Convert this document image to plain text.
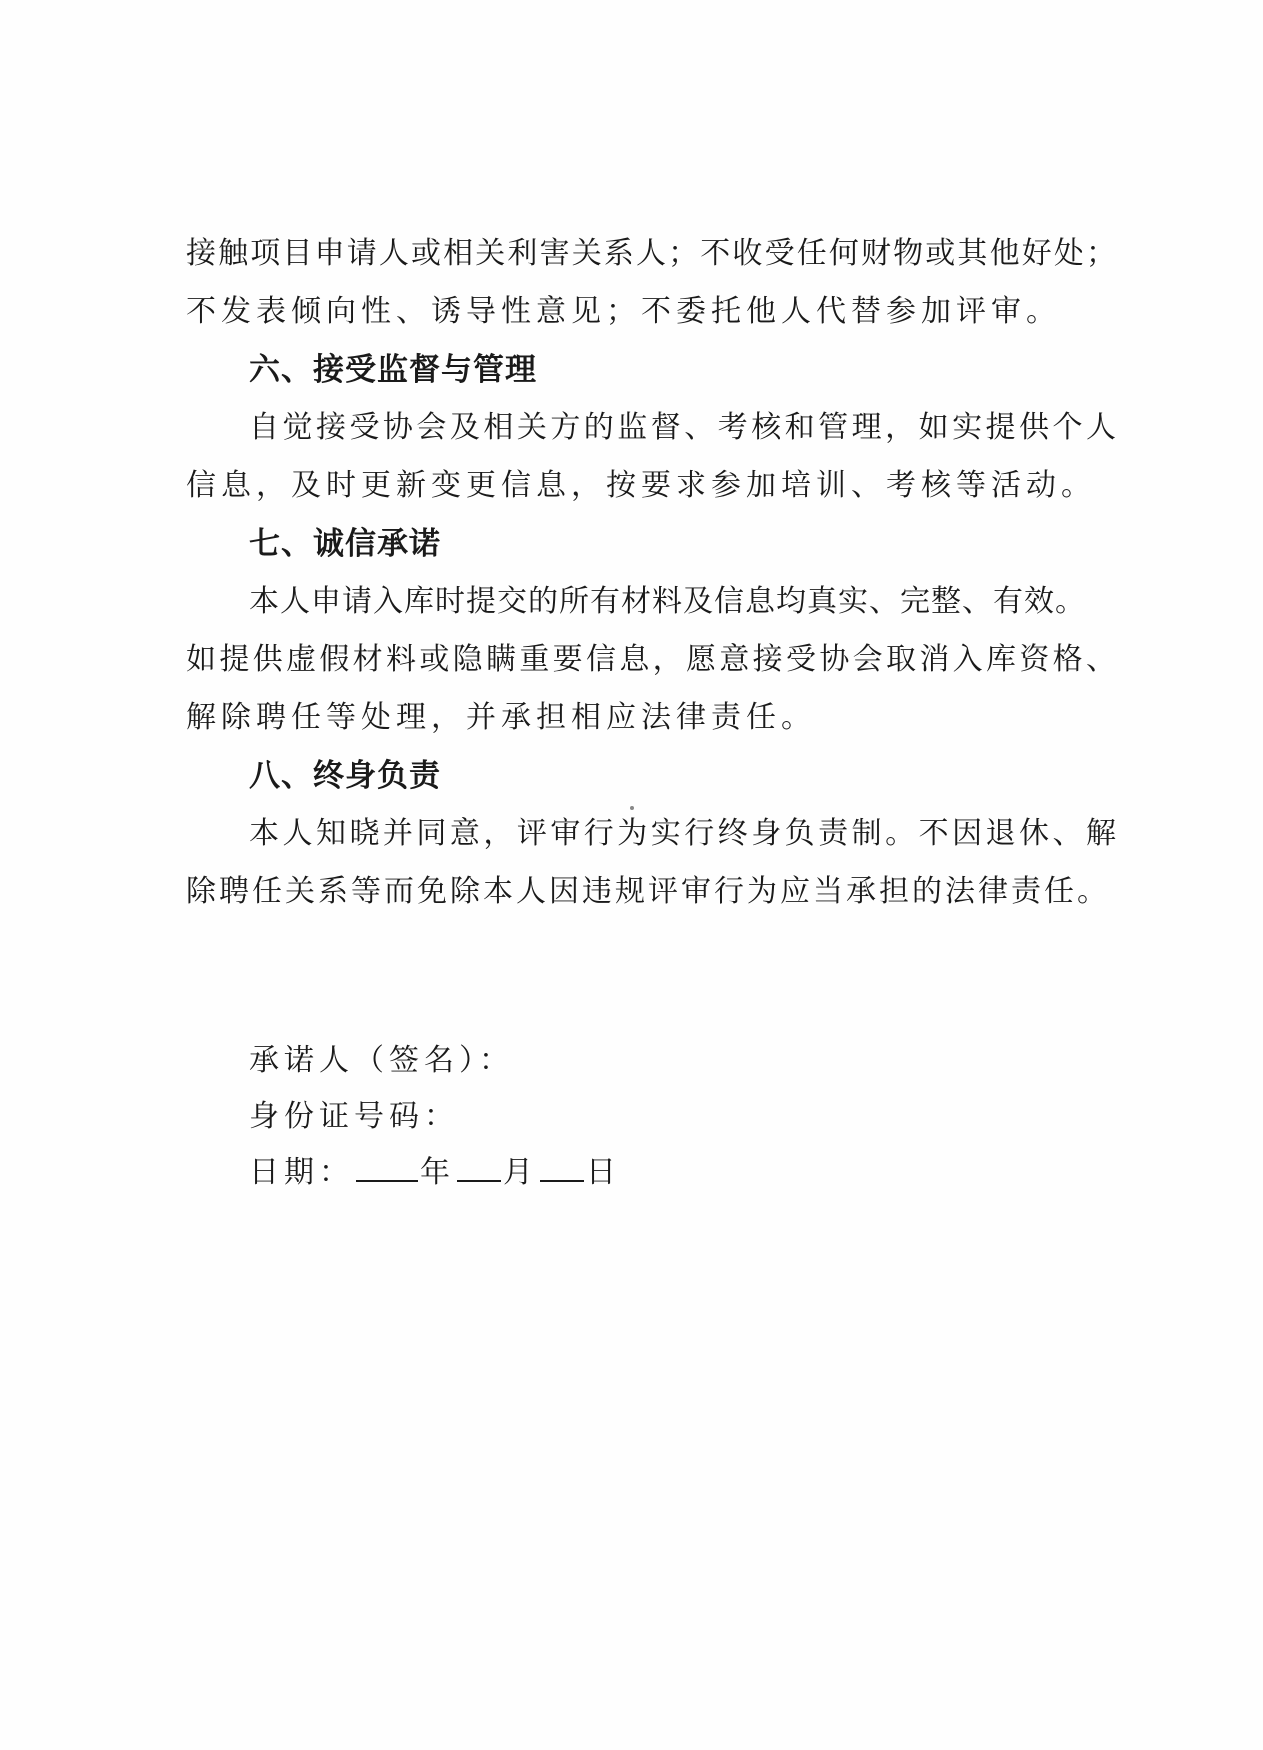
接触项目申请人或相关利害关系人；不收受任何财物或其他好处；
不发表倾向性、诱导性意见；不委托他人代替参加评审。
六、接受监督与管理
自觉接受协会及相关方的监督、考核和管理，如实提供个人
信息，及时更新变更信息，按要求参加培训、考核等活动。
七、诚信承诺
本人申请入库时提交的所有材料及信息均真实、完整、有效。
如提供虚假材料或隐瞒重要信息，愿意接受协会取消入库资格、
解除聘任等处理，并承担相应法律责任。
八、终身负责
本人知晓并同意，评审行为实行终身负责制。不因退休、解
除聘任关系等而免除本人因违规评审行为应当承担的法律责任。
承诺人（签名）：
身份证号码：
日期： 年 月 日
